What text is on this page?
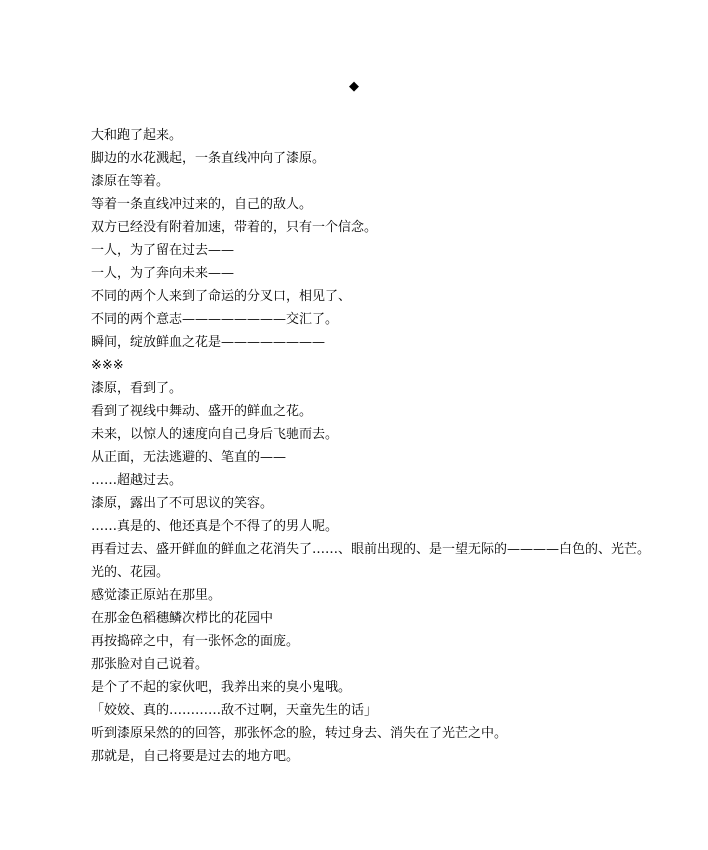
◆

大和跑了起来。

脚边的水花溅起，一条直线冲向了漆原。

漆原在等着。

等着一条直线冲过来的，自己的敌人。

双方已经没有附着加速，带着的，只有一个信念。

一人，为了留在过去——

一人，为了奔向未来——

不同的两个人来到了命运的分叉口，相见了、

不同的两个意志————————交汇了。

瞬间，绽放鲜血之花是————————

※※※

漆原，看到了。

看到了视线中舞动、盛开的鲜血之花。

未来，以惊人的速度向自己身后飞驰而去。

从正面，无法逃避的、笔直的——

……超越过去。

漆原，露出了不可思议的笑容。

……真是的、他还真是个不得了的男人呢。

再看过去、盛开鲜血的鲜血之花消失了……、眼前出现的、是一望无际的————白色的、光芒。

光的、花园。

感觉漆正原站在那里。

在那金色稻穗鳞次栉比的花园中

再按捣碎之中，有一张怀念的面庞。

那张脸对自己说着。

是个了不起的家伙吧，我养出来的臭小鬼哦。

「姣姣、真的…………敌不过啊，天童先生的话」

听到漆原呆然的的回答，那张怀念的脸，转过身去、消失在了光芒之中。

那就是，自己将要是过去的地方吧。
